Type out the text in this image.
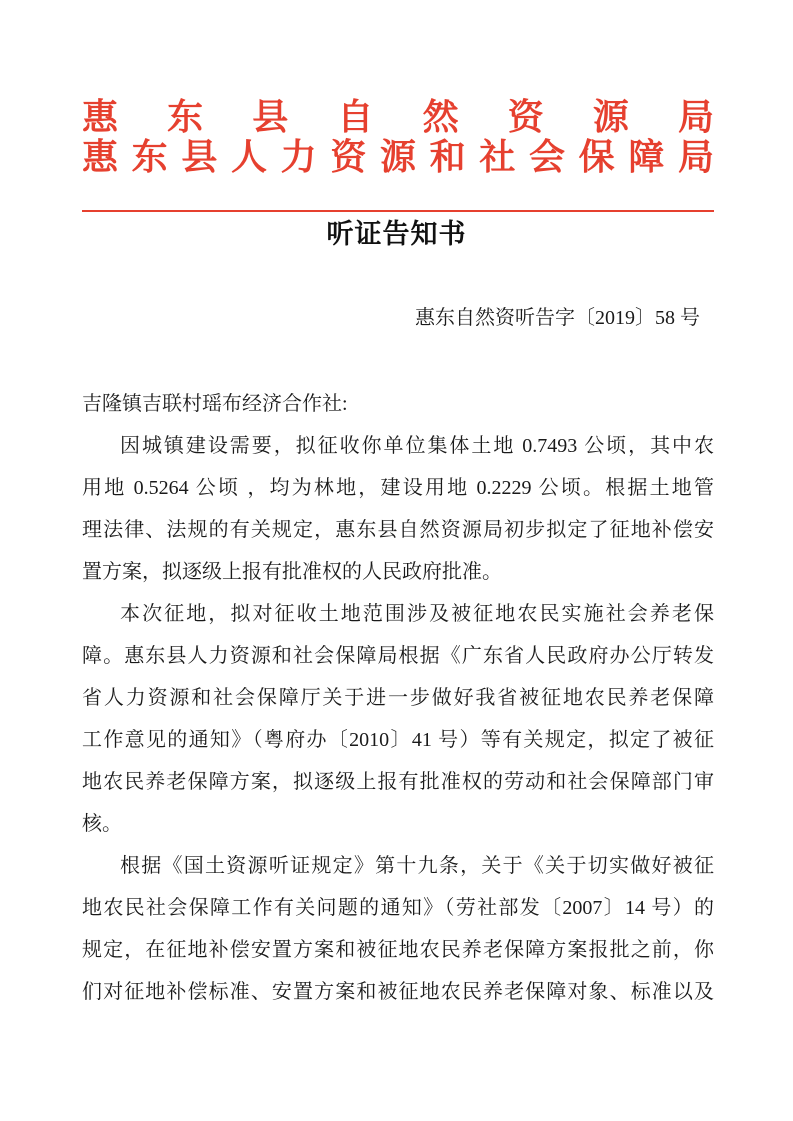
惠东县自然资源局
惠东县人力资源和社会保障局
听证告知书
惠东自然资听告字〔2019〕58 号
吉隆镇吉联村瑶布经济合作社:
因城镇建设需要，拟征收你单位集体土地 0.7493 公顷，其中农
用地 0.5264 公顷 ，均为林地，建设用地 0.2229 公顷。根据土地管
理法律、法规的有关规定，惠东县自然资源局初步拟定了征地补偿安
置方案，拟逐级上报有批准权的人民政府批准。
本次征地，拟对征收土地范围涉及被征地农民实施社会养老保
障。惠东县人力资源和社会保障局根据《广东省人民政府办公厅转发
省人力资源和社会保障厅关于进一步做好我省被征地农民养老保障
工作意见的通知》（粤府办〔2010〕41 号）等有关规定，拟定了被征
地农民养老保障方案，拟逐级上报有批准权的劳动和社会保障部门审
核。
根据《国土资源听证规定》第十九条，关于《关于切实做好被征
地农民社会保障工作有关问题的通知》（劳社部发〔2007〕14 号）的
规定，在征地补偿安置方案和被征地农民养老保障方案报批之前，你
们对征地补偿标准、安置方案和被征地农民养老保障对象、标准以及
